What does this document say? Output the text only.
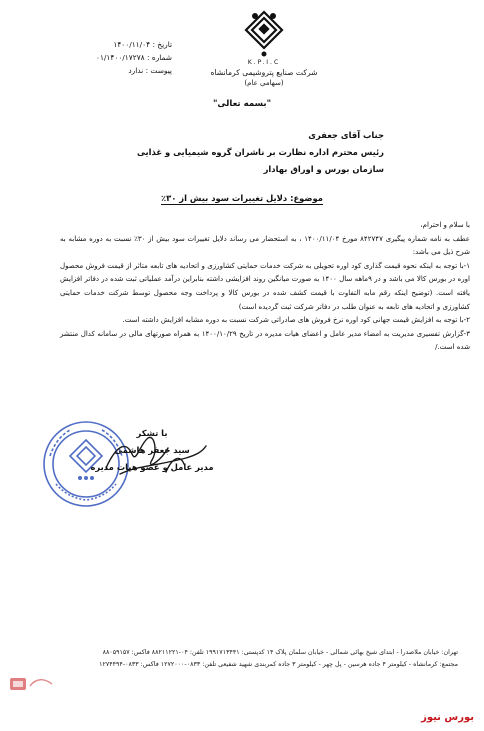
K.P.I.C
شرکت صنایع پتروشیمی کرمانشاه
(سهامی عام)
تاریخ : ۱۴۰۰/۱۱/۰۴
شماره : ۰۱/۱۴۰۰/۱۷۲۷۸
پیوست : ندارد
"بسمه تعالی"
جناب آقای جعفری
رئیس محترم اداره نظارت بر ناشران گروه شیمیایی و غذایی
سازمان بورس و اوراق بهادار
موضوع: دلایل تغییرات سود بیش از ۳۰٪

با سلام و احترام،

عطف به نامه شماره پیگیری ۸۴۲۷۴۷ مورخ ۱۴۰۰/۱۱/۰۴ ، به استحضار می رساند دلایل تغییرات سود بیش از ۳۰٪ نسبت به دوره مشابه به شرح ذیل می باشد:

۱-با توجه به اینکه نحوه قیمت گذاری کود اوره تحویلی به شرکت خدمات حمایتی کشاورزی و اتحادیه های تابعه متاثر از قیمت فروش محصول اوره در بورس کالا می باشد و در ۹ماهه سال ۱۴۰۰ به صورت میانگین روند افزایشی داشته بنابراین درآمد عملیاتی ثبت شده در دفاتر افزایش یافته است. (توضیح اینکه رقم مابه التفاوت با قیمت کشف شده در بورس کالا و پرداخت وجه محصول توسط شرکت خدمات حمایتی کشاورزی و اتحادیه های تابعه به عنوان طلب در دفاتر شرکت ثبت گردیده است)

۲-با توجه به افزایش قیمت جهانی کود اوره نرخ فروش های صادراتی شرکت نسبت به دوره مشابه افزایش داشته است.

۳-گزارش تفسیری مدیریت به امضاء مدیر عامل و اعضای هیات مدیره در تاریخ ۱۴۰۰/۱۰/۲۹ به همراه صورتهای مالی در سامانه کدال منتشر شده است./

با تشکر
سید جعفر هاشمی
مدیر عامل و عضو هیات مدیره

تهران: خیابان ملاصدرا - ابتدای شیخ بهائی شمالی - خیابان سلمان پلاک ۱۴ کدپستی: ۱۹۹۱۷۱۳۴۴۱ تلفن: ۰۴-۸۸۲۱۱۲۲۱ فاکس: ۸۸۰۵۹۱۵۷

مجتمع: کرمانشاه - کیلومتر ۴ جاده هرسین - پل چهر - کیلومتر ۳ جاده کمربندی شهید شفیعی تلفن: ۰۸۳۳-۱۲۷۲۰۰۰ فاکس: ۰۸۳۳-۱۲۷۴۴۹۴

بورس نیوز
